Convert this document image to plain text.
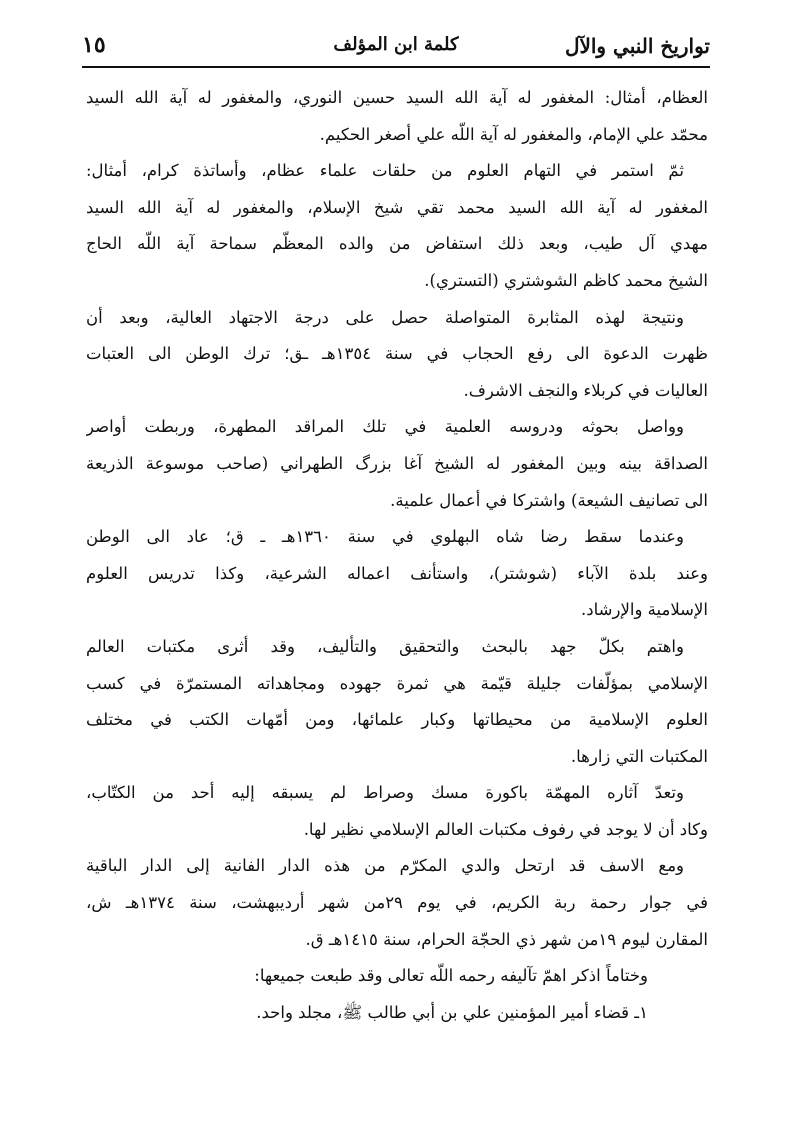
تواريخ النبي والآل
كلمة ابن المؤلف
١٥
العظام، أمثال: المغفور له آية الله السيد حسين النوري، والمغفور له آية الله السيد
محمّد علي الإمام، والمغفور له آية اللّه علي أصغر الحكيم.
ثمّ استمر في التهام العلوم من حلقات علماء عظام، وأساتذة كرام، أمثال:
المغفور له آية الله السيد محمد تقي شيخ الإسلام، والمغفور له آية الله السيد
مهدي آل طيب، وبعد ذلك استفاض من والده المعظّم سماحة آية اللّه الحاج
الشيخ محمد كاظم الشوشتري (التستري).
ونتيجة لهذه المثابرة المتواصلة حصل على درجة الاجتهاد العالية، وبعد أن
ظهرت الدعوة الى رفع الحجاب في سنة ١٣٥٤هـ ـق؛ ترك الوطن الى العتبات
العاليات في كربلاء والنجف الاشرف.
وواصل بحوثه ودروسه العلمية في تلك المراقد المطهرة، وربطت أواصر
الصداقة بينه وبين المغفور له الشيخ آغا بزرگ الطهراني (صاحب موسوعة الذريعة
الى تصانيف الشيعة) واشتركا في أعمال علمية.
وعندما سقط رضا شاه البهلوي في سنة ١٣٦٠هـ ـ ق؛ عاد الى الوطن
وعند بلدة الآباء (شوشتر)، واستأنف اعماله الشرعية، وكذا تدريس العلوم
الإسلامية والإرشاد.
واهتم بكلّ جهد بالبحث والتحقيق والتأليف، وقد أثرى مكتبات العالم
الإسلامي بمؤلّفات جليلة قيّمة هي ثمرة جهوده ومجاهداته المستمرّة في كسب
العلوم الإسلامية من محيطاتها وكبار علمائها، ومن أمّهات الكتب في مختلف
المكتبات التي زارها.
وتعدّ آثاره المهمّة باكورة مسك وصراط لم يسبقه إليه أحد من الكتّاب،
وكاد أن لا يوجد في رفوف مكتبات العالم الإسلامي نظير لها.
ومع الاسف قد ارتحل والدي المكرّم من هذه الدار الفانية إلى الدار الباقية
في جوار رحمة ربة الكريم، في يوم ٢٩من شهر أرديبهشت، سنة ١٣٧٤هـ ش،
المقارن ليوم ١٩من شهر ذي الحجّة الحرام، سنة ١٤١٥هـ ق.
وختاماً اذكر اهمّ تآليفه رحمه اللّه تعالى وقد طبعت جميعها:
١ـ قضاء أمير المؤمنين علي بن أبي طالب ﷺ، مجلد واحد.
